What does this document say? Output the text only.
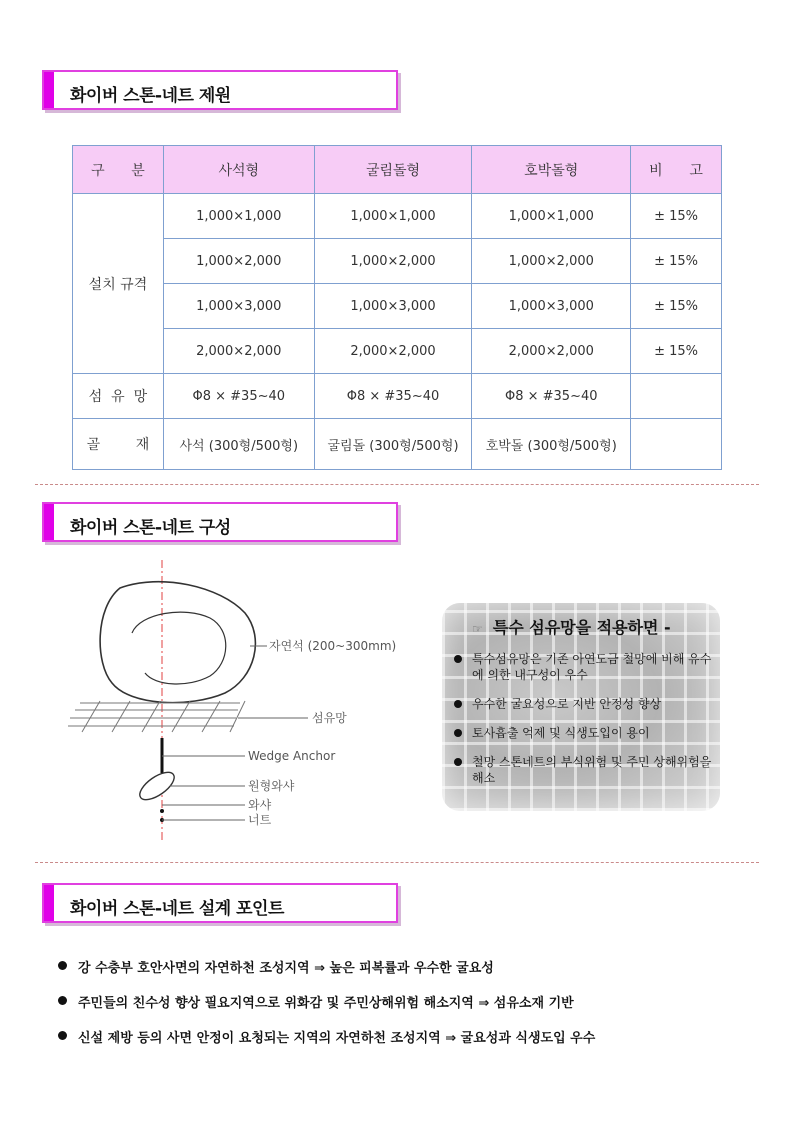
화이버 스톤-네트 제원
구      분	사석형	굴림돌형	호박돌형	비      고
설치 규격	1,000×1,000	1,000×1,000	1,000×1,000	± 15%
	1,000×2,000	1,000×2,000	1,000×2,000	± 15%
	1,000×3,000	1,000×3,000	1,000×3,000	± 15%
	2,000×2,000	2,000×2,000	2,000×2,000	± 15%
섬  유  망	Φ8 × #35~40	Φ8 × #35~40	Φ8 × #35~40	
골        재	사석 (300형/500형)	굴림돌 (300형/500형)	호박돌 (300형/500형)	
화이버 스톤-네트 구성
자연석 (200~300mm)
섬유망
Wedge Anchor
원형와샤
와샤
너트
☞ 특수 섬유망을 적용하면 -
특수섬유망은 기존 아연도금 철망에 비해 유수에 의한 내구성이 우수
우수한 굴요성으로 지반 안정성 향상
토사흡출 억제 및 식생도입이 용이
철망 스톤네트의 부식위험 및 주민 상해위험을 해소
화이버 스톤-네트 설계 포인트
강 수충부 호안사면의 자연하천 조성지역 ⇒ 높은 피복률과 우수한 굴요성
주민들의 친수성 향상 필요지역으로 위화감 및 주민상해위험 해소지역 ⇒ 섬유소재 기반
신설 제방 등의 사면 안정이 요청되는 지역의 자연하천 조성지역 ⇒ 굴요성과 식생도입 우수
